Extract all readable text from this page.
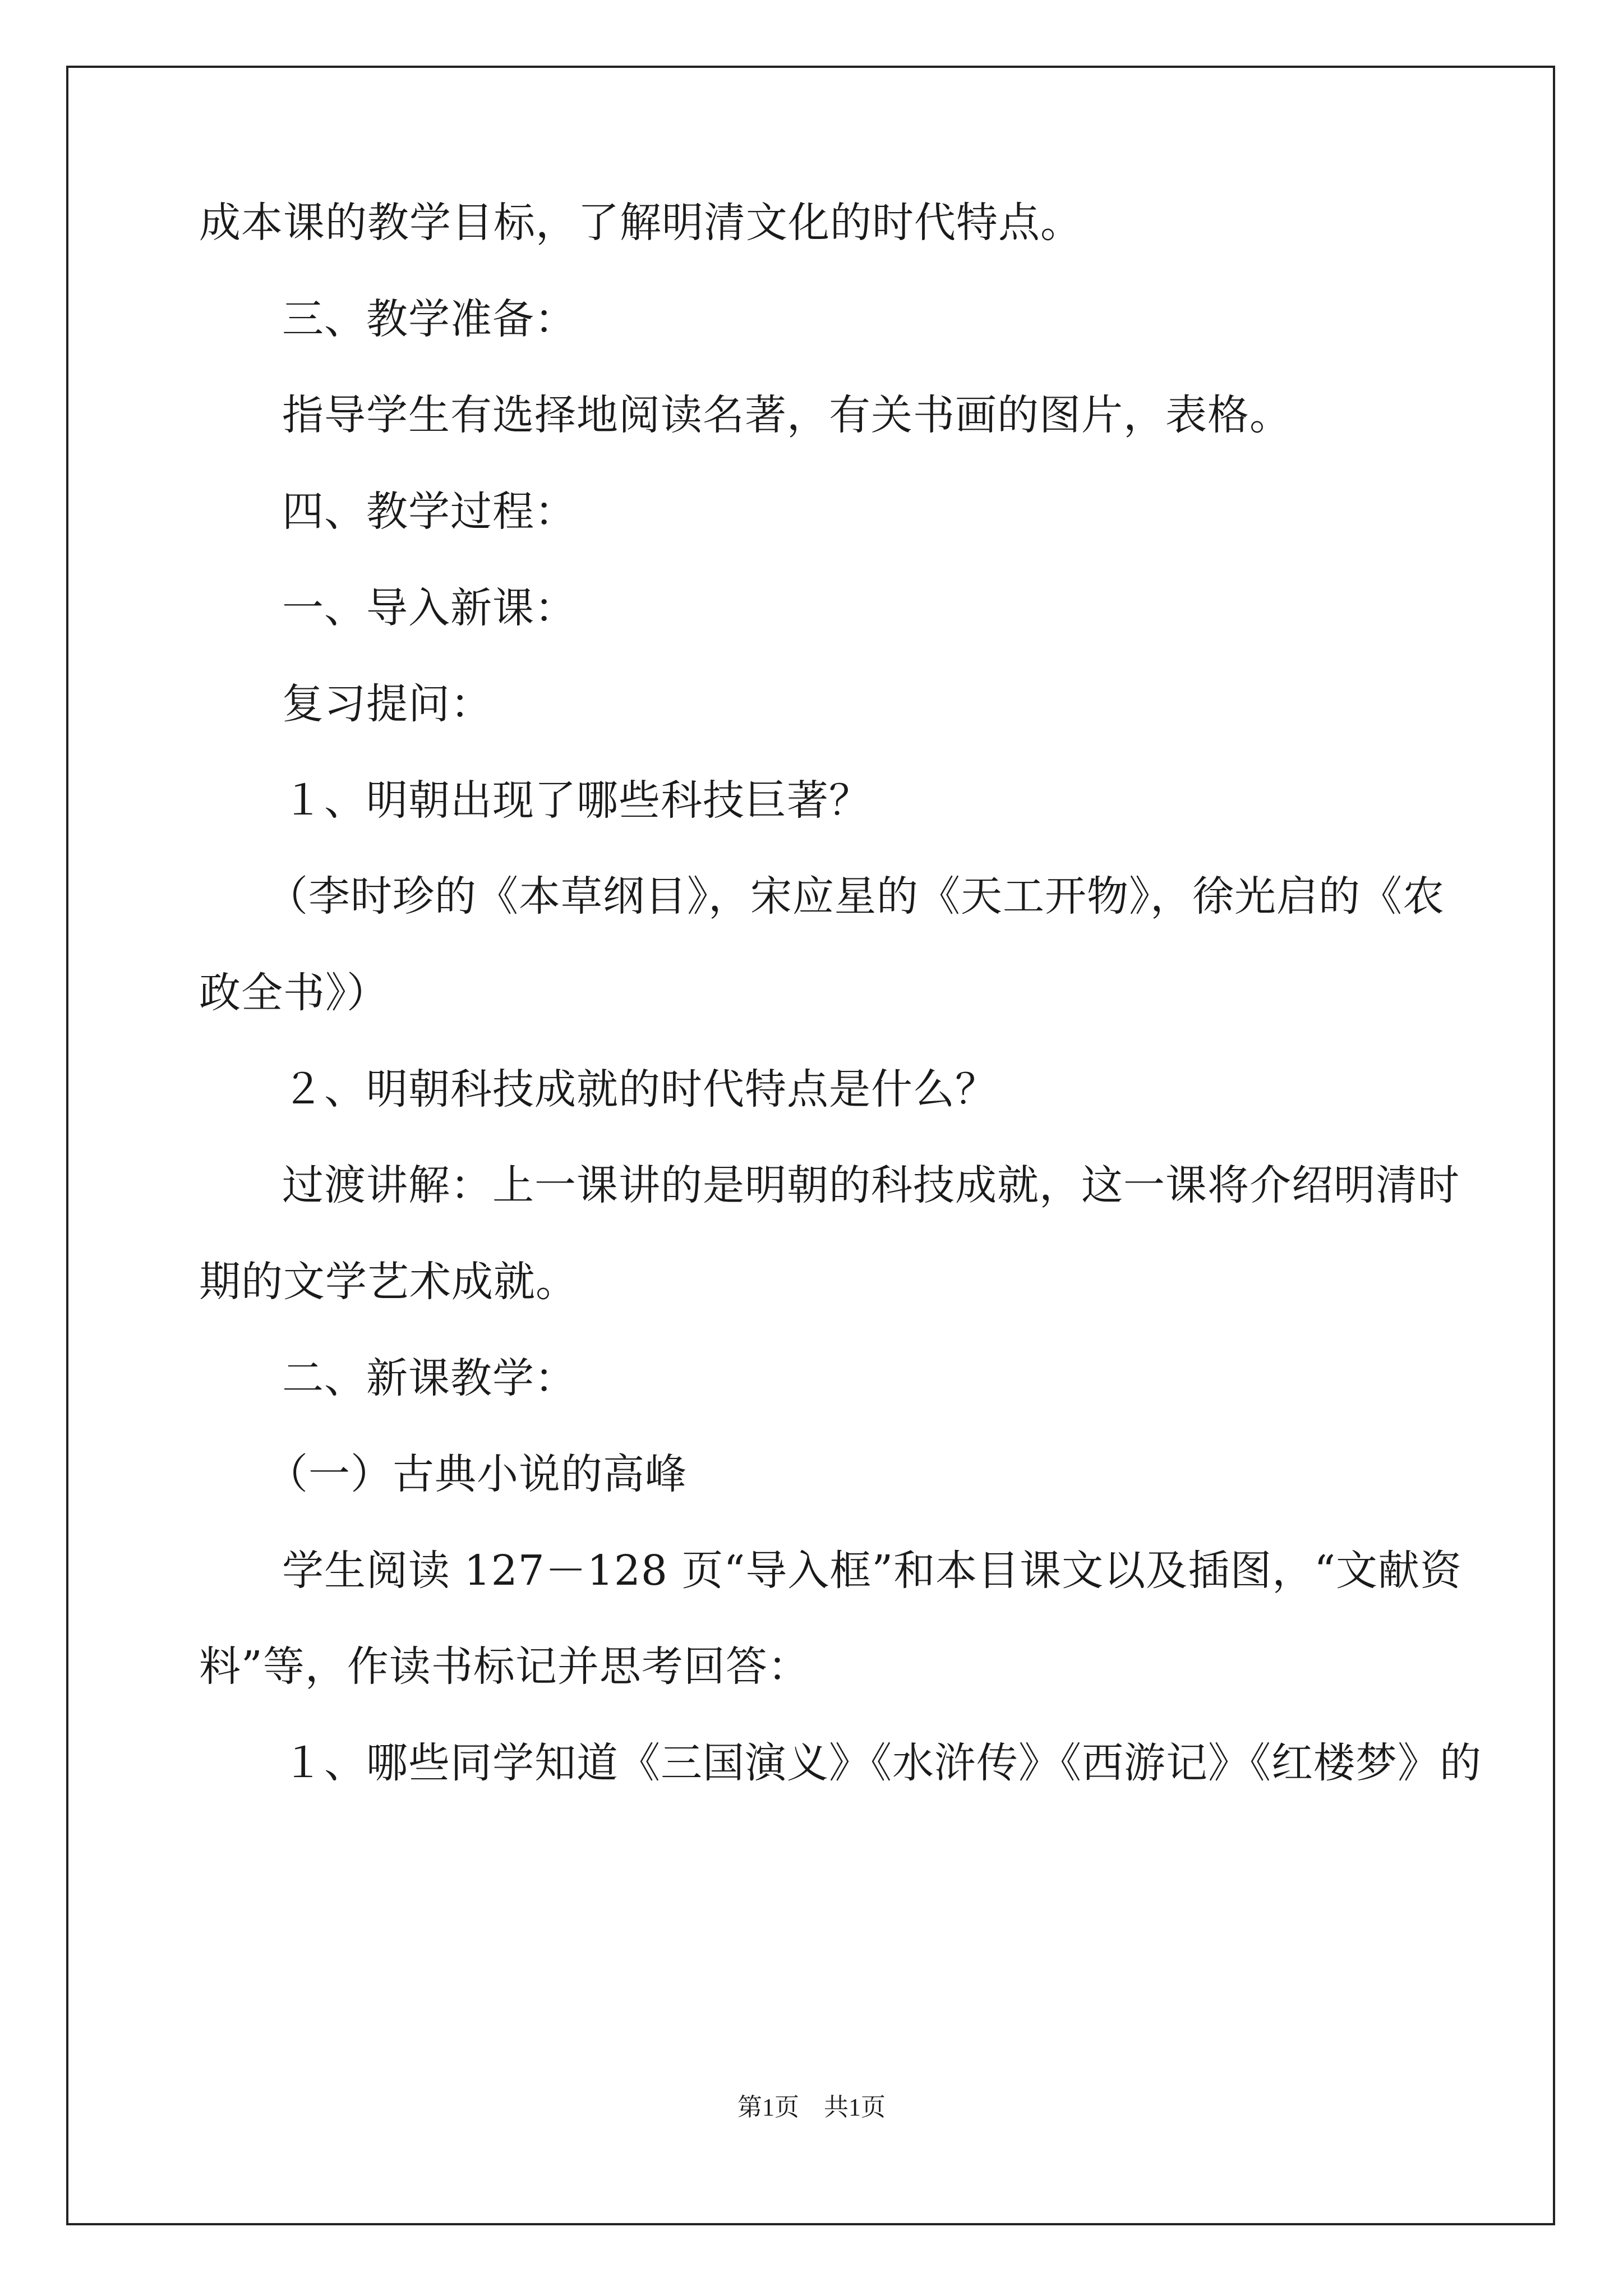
成本课的教学目标，了解明清文化的时代特点。
三、教学准备：
指导学生有选择地阅读名著，有关书画的图片，表格。
四、教学过程：
一、导入新课：
复习提问：
１、明朝出现了哪些科技巨著？
（李时珍的《本草纲目》，宋应星的《天工开物》，徐光启的《农
政全书》）
２、明朝科技成就的时代特点是什么？
过渡讲解：上一课讲的是明朝的科技成就，这一课将介绍明清时
期的文学艺术成就。
二、新课教学：
（一）古典小说的高峰
学生阅读 127－128 页“导入框”和本目课文以及插图，“文献资
料”等，作读书标记并思考回答：
１、哪些同学知道《三国演义》《水浒传》《西游记》《红楼梦》的
第1页　共1页
